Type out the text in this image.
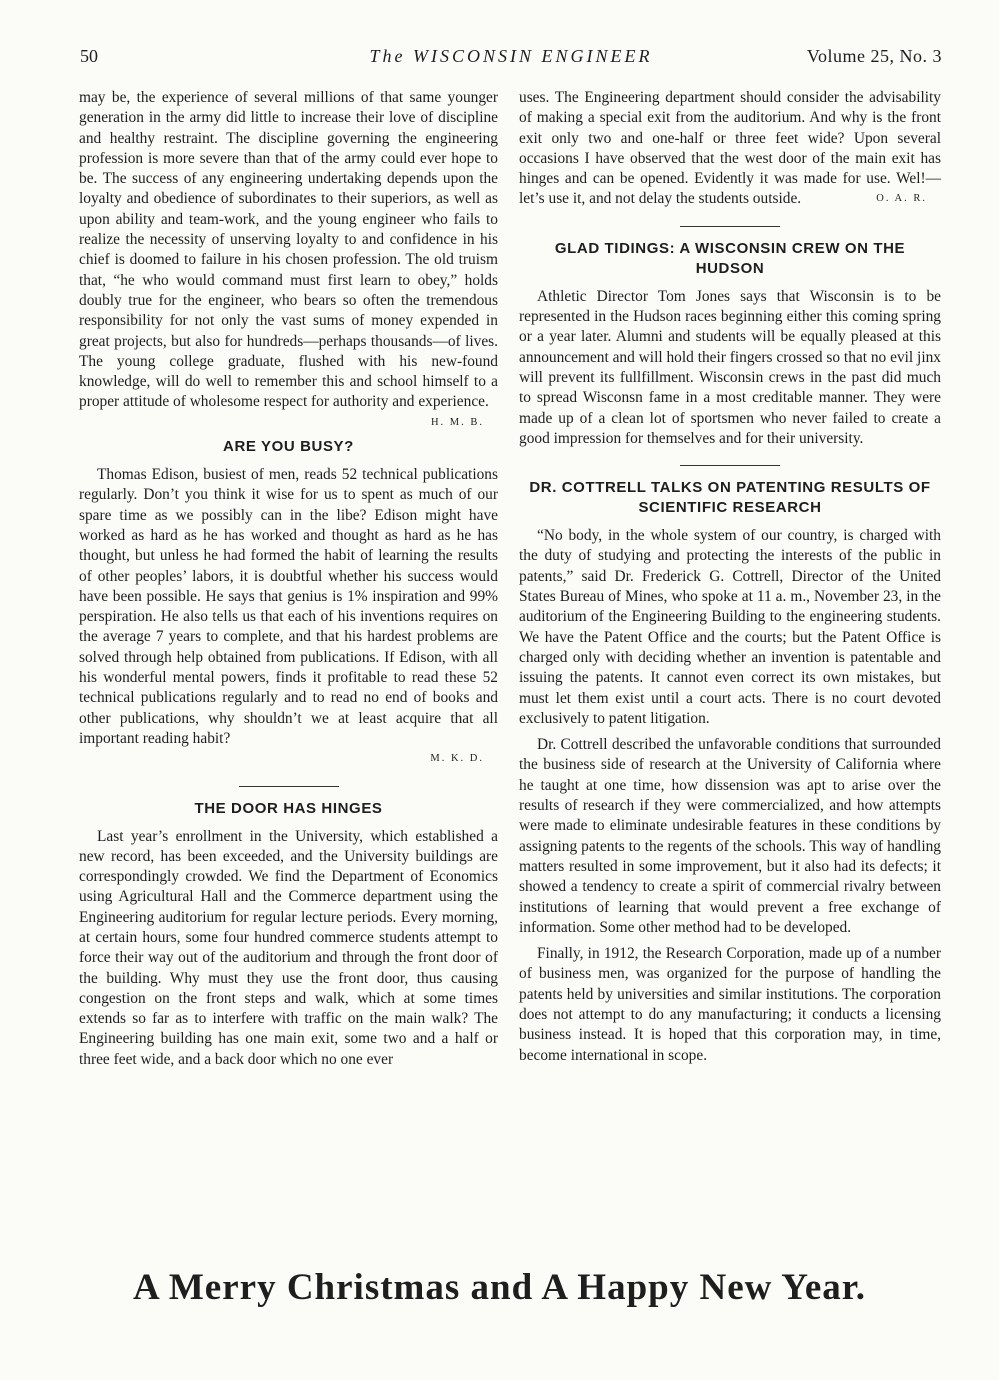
50	The WISCONSIN ENGINEER	Volume 25, No. 3

may be, the experience of several millions of that same younger generation in the army did little to increase their love of discipline and healthy restraint. The discipline governing the engineering profession is more severe than that of the army could ever hope to be. The success of any engineering undertaking depends upon the loyalty and obedience of subordinates to their superiors, as well as upon ability and team-work, and the young engineer who fails to realize the necessity of unserving loyalty to and confidence in his chief is doomed to failure in his chosen profession. The old truism that, “he who would command must first learn to obey,” holds doubly true for the engineer, who bears so often the tremendous responsibility for not only the vast sums of money expended in great projects, but also for hundreds—perhaps thousands—of lives. The young college graduate, flushed with his new-found knowledge, will do well to remember this and school himself to a proper attitude of wholesome respect for authority and experience.
H. M. B.

ARE YOU BUSY?

Thomas Edison, busiest of men, reads 52 technical publications regularly. Don’t you think it wise for us to spent as much of our spare time as we possibly can in the libe? Edison might have worked as hard as he has worked and thought as hard as he has thought, but unless he had formed the habit of learning the results of other peoples’ labors, it is doubtful whether his success would have been possible. He says that genius is 1% inspiration and 99% perspiration. He also tells us that each of his inventions requires on the average 7 years to complete, and that his hardest problems are solved through help obtained from publications. If Edison, with all his wonderful mental powers, finds it profitable to read these 52 technical publications regularly and to read no end of books and other publications, why shouldn’t we at least acquire that all important reading habit?

M. K. D.
THE DOOR HAS HINGES

Last year’s enrollment in the University, which established a new record, has been exceeded, and the University buildings are correspondingly crowded. We find the Department of Economics using Agricultural Hall and the Commerce department using the Engineering auditorium for regular lecture periods. Every morning, at certain hours, some four hundred commerce students attempt to force their way out of the auditorium and through the front door of the building. Why must they use the front door, thus causing congestion on the front steps and walk, which at some times extends so far as to interfere with traffic on the main walk? The Engineering building has one main exit, some two and a half or three feet wide, and a back door which no one ever

uses. The Engineering department should consider the advisability of making a special exit from the auditorium. And why is the front exit only two and one-half or three feet wide? Upon several occasions I have observed that the west door of the main exit has hinges and can be opened. Evidently it was made for use. Wel!—let’s use it, and not delay the students outside.	O. A. R.

GLAD TIDINGS: A WISCONSIN CREW ON THE HUDSON

Athletic Director Tom Jones says that Wisconsin is to be represented in the Hudson races beginning either this coming spring or a year later. Alumni and students will be equally pleased at this announcement and will hold their fingers crossed so that no evil jinx will prevent its fullfillment. Wisconsin crews in the past did much to spread Wisconsn fame in a most creditable manner. They were made up of a clean lot of sportsmen who never failed to create a good impression for themselves and for their university.

DR. COTTRELL TALKS ON PATENTING RESULTS OF SCIENTIFIC RESEARCH

“No body, in the whole system of our country, is charged with the duty of studying and protecting the interests of the public in patents,” said Dr. Frederick G. Cottrell, Director of the United States Bureau of Mines, who spoke at 11 a. m., November 23, in the auditorium of the Engineering Building to the engineering students. We have the Patent Office and the courts; but the Patent Office is charged only with deciding whether an invention is patentable and issuing the patents. It cannot even correct its own mistakes, but must let them exist until a court acts. There is no court devoted exclusively to patent litigation.

Dr. Cottrell described the unfavorable conditions that surrounded the business side of research at the University of California where he taught at one time, how dissension was apt to arise over the results of research if they were commercialized, and how attempts were made to eliminate undesirable features in these conditions by assigning patents to the regents of the schools. This way of handling matters resulted in some improvement, but it also had its defects; it showed a tendency to create a spirit of commercial rivalry between institutions of learning that would prevent a free exchange of information. Some other method had to be developed.

Finally, in 1912, the Research Corporation, made up of a number of business men, was organized for the purpose of handling the patents held by universities and similar institutions. The corporation does not attempt to do any manufacturing; it conducts a licensing business instead. It is hoped that this corporation may, in time, become international in scope.

A Merry Christmas and A Happy New Year.
